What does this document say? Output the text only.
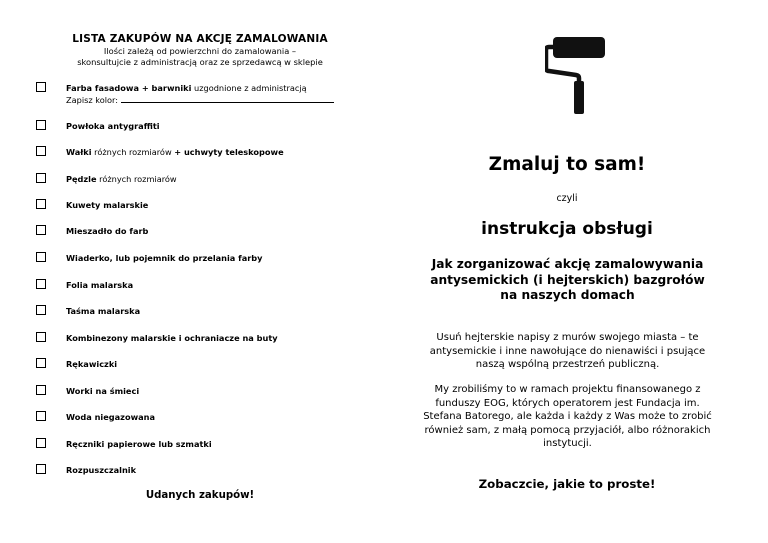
LISTA ZAKUPÓW NA AKCJĘ ZAMALOWANIA
Ilości zależą od powierzchni do zamalowania –
skonsultujcie z administracją oraz ze sprzedawcą w sklepie
Farba fasadowa + barwniki uzgodnione z administracją
Zapisz kolor:
Powłoka antygraffiti
Wałki różnych rozmiarów + uchwyty teleskopowe
Pędzle różnych rozmiarów
Kuwety malarskie
Mieszadło do farb
Wiaderko, lub pojemnik do przelania farby
Folia malarska
Taśma malarska
Kombinezony malarskie i ochraniacze na buty
Rękawiczki
Worki na śmieci
Woda niegazowana
Ręczniki papierowe lub szmatki
Rozpuszczalnik
Udanych zakupów!
Zmaluj to sam!
czyli
instrukcja obsługi
Jak zorganizować akcję zamalowywania
antysemickich (i hejterskich) bazgrołów
na naszych domach
Usuń hejterskie napisy z murów swojego miasta – te
antysemickie i inne nawołujące do nienawiści i psujące
naszą wspólną przestrzeń publiczną.
My zrobiliśmy to w ramach projektu finansowanego z
funduszy EOG, których operatorem jest Fundacja im.
Stefana Batorego, ale każda i każdy z Was może to zrobić
również sam, z małą pomocą przyjaciół, albo różnorakich
instytucji.
Zobaczcie, jakie to proste!
